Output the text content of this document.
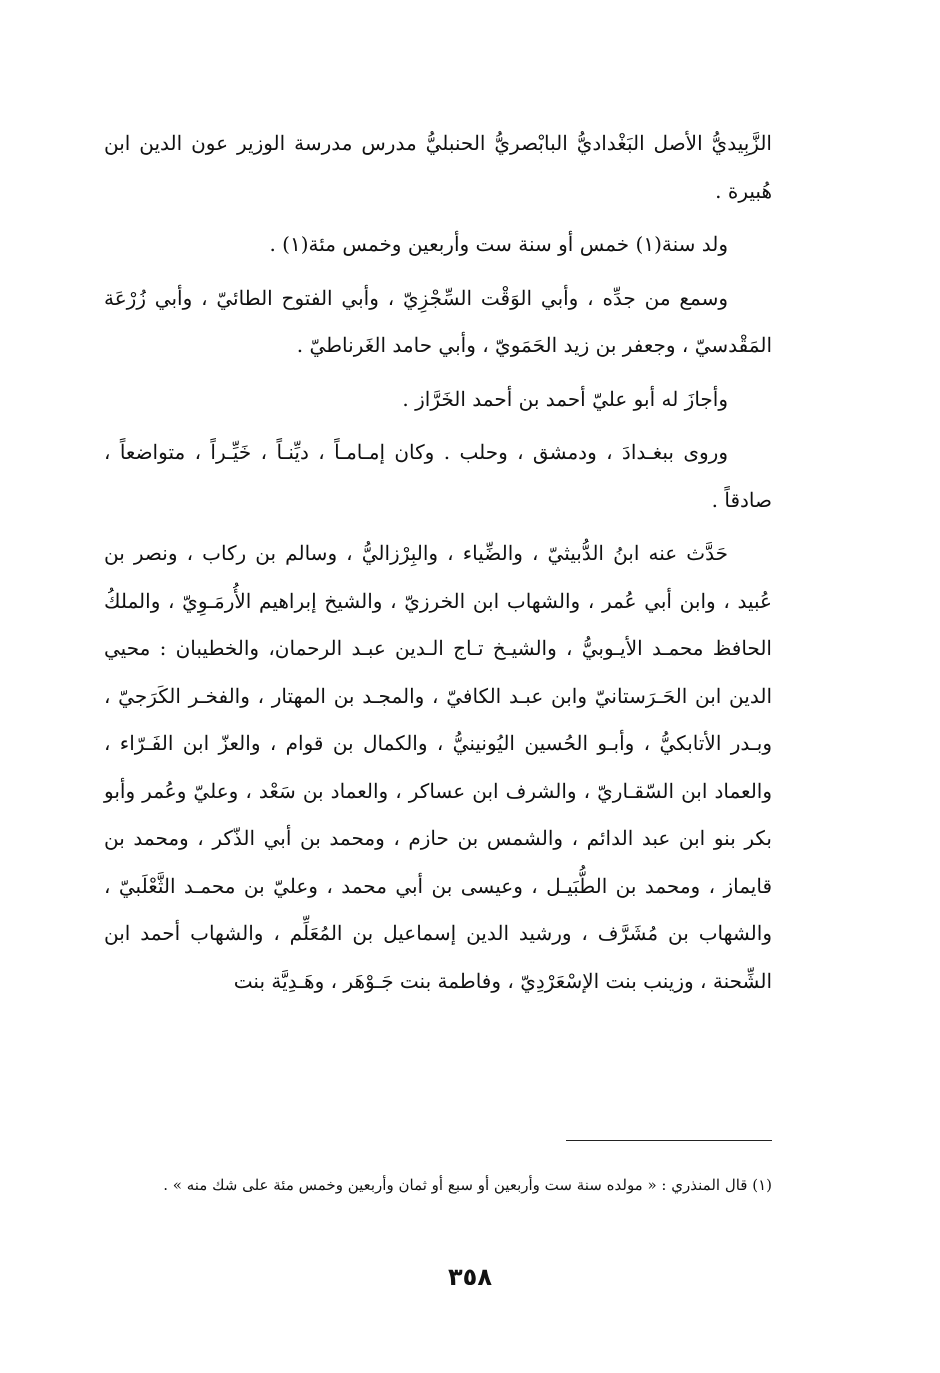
الزَّبِيديُّ الأصل البَغْداديُّ البابْصريُّ الحنبليُّ مدرس مدرسة الوزير عون الدين ابن هُبيرة .

ولد سنة(١) خمس أو سنة ست وأربعين وخمس مئة(١) .

وسمع من جدِّه ، وأبي الوَقْت السِّجْزِيّ ، وأبي الفتوح الطائيّ ، وأبي زُرْعَة المَقْدسيّ ، وجعفر بن زيد الحَمَويّ ، وأبي حامد الغَرناطيّ .

وأجازَ له أبو عليّ أحمد بن أحمد الخَرَّاز .

وروى ببغـدادَ ، ودمشق ، وحلب . وكان إمـامـاً ، ديِّنـاً ، خَيِّـراً ، متواضعاً ، صادقاً .

حَدَّث عنه ابنُ الدُّبيثيّ ، والضِّياء ، والبِرْزاليُّ ، وسالم بن ركاب ، ونصر بن عُبيد ، وابن أبي عُمر ، والشهاب ابن الخرزيّ ، والشيخ إبراهيم الأُرمَـوِيّ ، والملكُ الحافظ محمـد الأيـوبيُّ ، والشيـخ تـاج الـدين عبـد الرحمان، والخطيبان : محيي الدين ابن الحَـرَستانيّ وابن عبـد الكافيّ ، والمجـد بن المهتار ، والفخـر الكَرَجيّ ، وبـدر الأتابكيُّ ، وأبـو الحُسين اليُونينيُّ ، والكمال بن قوام ، والعزّ ابن الفَـرّاء ، والعماد ابن السّقـاريّ ، والشرف ابن عساكر ، والعماد بن سَعْد ، وعليّ وعُمر وأبو بكر بنو ابن عبد الدائم ، والشمس بن حازم ، ومحمد بن أبي الذّكر ، ومحمد بن قايماز ، ومحمد بن الطُّبَيـل ، وعيسى بن أبي محمد ، وعليّ بن محمـد الثَّعْلَبيّ ، والشهاب بن مُشَرَّف ، ورشيد الدين إسماعيل بن المُعَلِّم ، والشهاب أحمد ابن الشِّحنة ، وزينب بنت الإسْعَرْدِيّ ، وفاطمة بنت جَـوْهَر ، وهَـدِيَّة بنت

(١) قال المنذري : « مولده سنة ست وأربعين أو سبع أو ثمان وأربعين وخمس مئة على شك منه » .

٣٥٨
